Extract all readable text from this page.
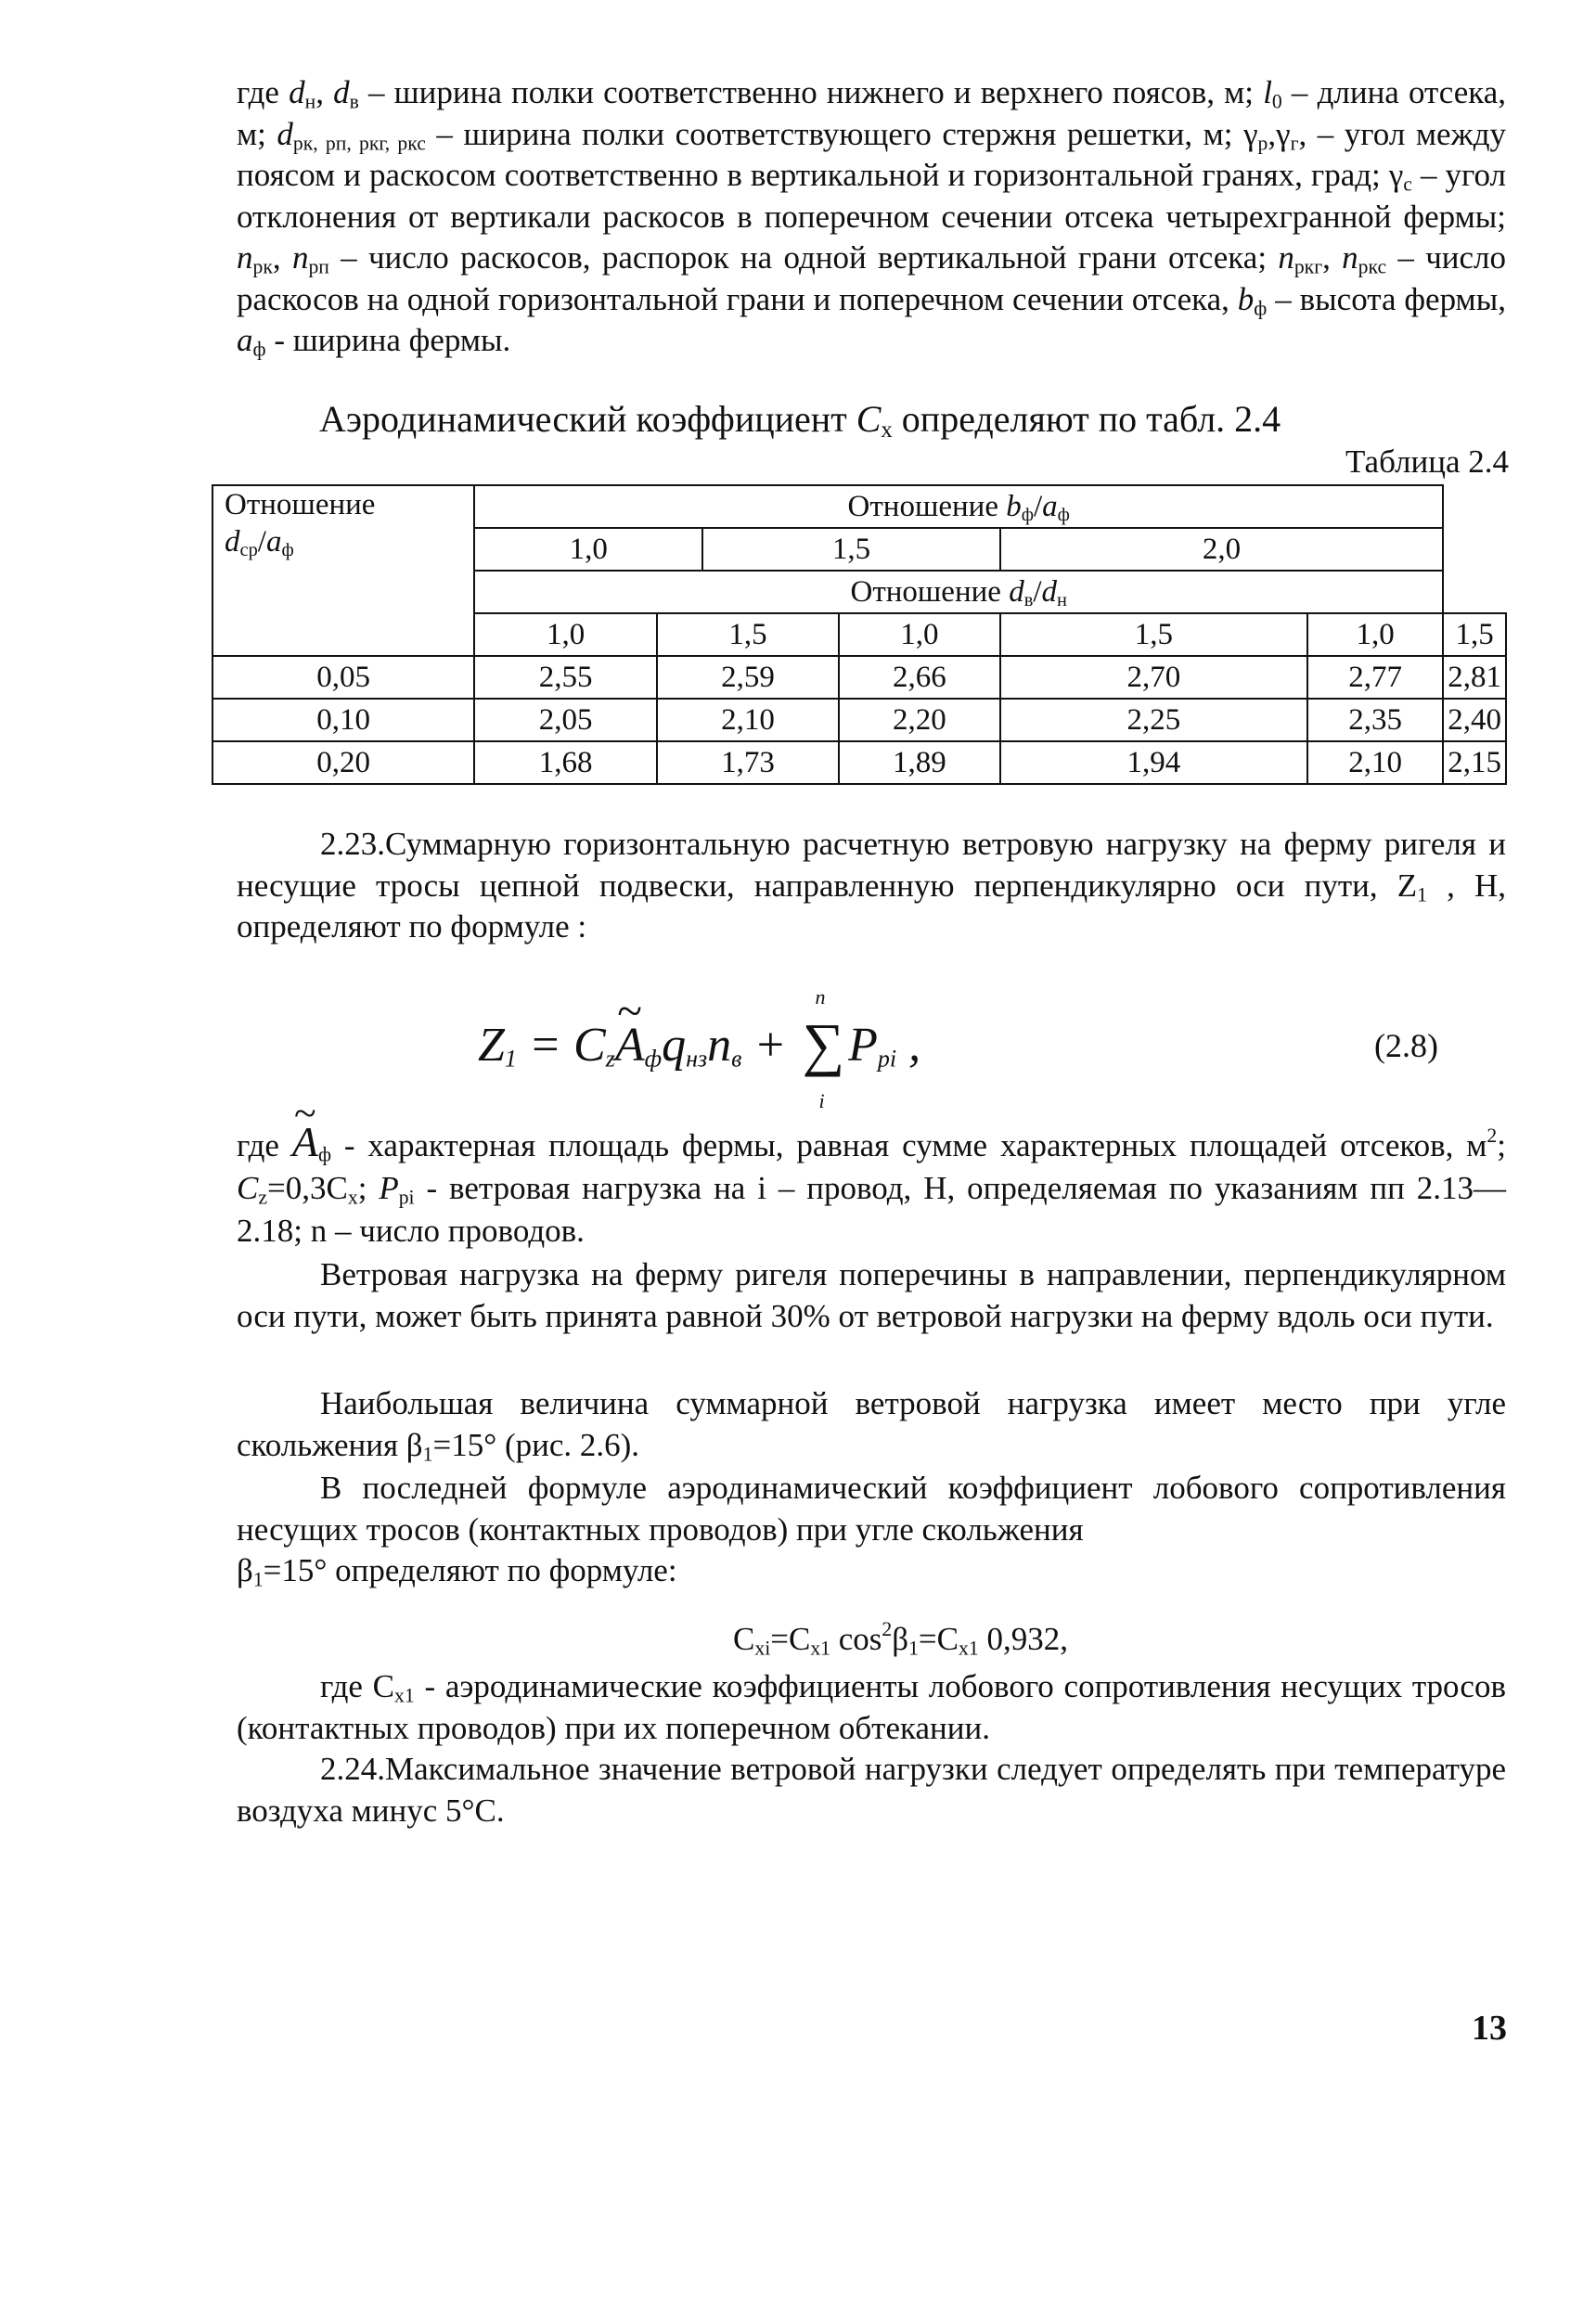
где $d_н$, $d_в$ – ширина полки соответственно нижнего и верхнего поясов, м; $l_0$ – длина отсека, м; $d_{рк, рп, ркг, ркс}$ – ширина полки соответствующего стержня решетки, м; $\gamma_р,\gamma_г$, – угол между поясом и раскосом соответственно в вертикальной и горизонтальной гранях, град; $\gamma_с$ – угол отклонения от вертикали раскосов в поперечном сечении отсека четырехгранной фермы; $n_{рк}$, $n_{рп}$ – число раскосов, распорок на одной вертикальной грани отсека; $n_{ркг}$, $n_{ркс}$ – число раскосов на одной горизонтальной грани и поперечном сечении отсека, $b_ф$ – высота фермы, $a_ф$ - ширина фермы.

Аэродинамический коэффициент $C_x$ определяют по табл. 2.4

Таблица 2.4

Отношение
$d_{ср}/a_ф$	Отношение $b_ф/a_ф$
	1,0		1,5		2,0		
	Отношение $d_в/d_н$
	1,0	1,5		1,0	1,5	1,0	1,5
0,05	2,55	2,59		2,66	2,70	2,77	2,81
0,10	2,05	2,10		2,20	2,25	2,35	2,40
0,20	1,68	1,73		1,89	1,94	2,10	2,15

2.23.Суммарную горизонтальную расчетную ветровую нагрузку на ферму ригеля и несущие тросы цепной подвески, направленную перпендикулярно оси пути, $Z_1$ , Н, определяют по формуле :

$Z_1$ = $C_z\sim$ $A_фq_{нз}n_в$ +
n
∑
i
$P_{pi}$ ,	(2.8)

где ~ $A_ф$ - характерная площадь фермы, равная сумме характерных площадей отсеков, $м^2$; $C_z=0,3C_x$; $P_{pi}$ - ветровая нагрузка на i – провод, Н, определяемая по указаниям пп 2.13—2.18; n – число проводов.

Ветровая нагрузка на ферму ригеля поперечины в направлении, перпендикулярном оси пути, может быть принята равной 30% от ветровой нагрузки на ферму вдоль оси пути.

Наибольшая величина суммарной ветровой нагрузка имеет место при угле скольжения $\beta_1=15^\circ$ (рис. 2.6).

В последней формуле аэродинамический коэффициент лобового сопротивления несущих тросов (контактных проводов) при угле скольжения

$\beta_1=15^\circ$ определяют по формуле:

$C_{xi}=C_{x1}$ $\cos^2\beta_1=C_{x1}$ 0,932,

где $C_{x1}$ - аэродинамические коэффициенты лобового сопротивления несущих тросов (контактных проводов) при их поперечном обтекании.

2.24.Максимальное значение ветровой нагрузки следует определять при температуре воздуха минус 5°С.

13
